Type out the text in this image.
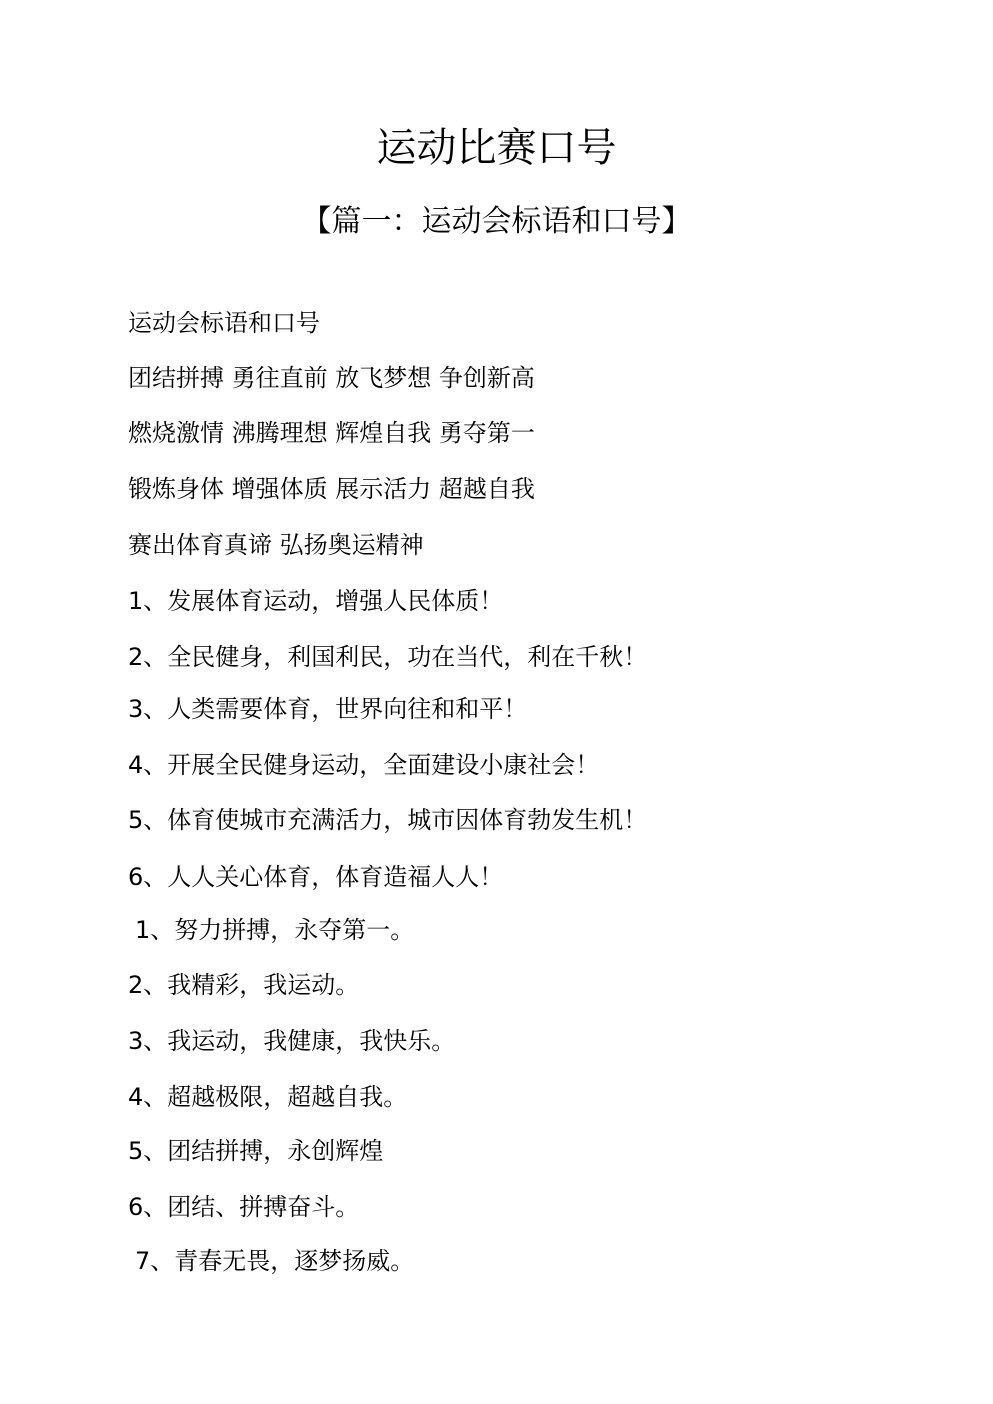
运动比赛口号
【篇一：运动会标语和口号】
运动会标语和口号
团结拼搏 勇往直前 放飞梦想 争创新高
燃烧激情 沸腾理想 辉煌自我 勇夺第一
锻炼身体 增强体质 展示活力 超越自我
赛出体育真谛 弘扬奥运精神
1、发展体育运动，增强人民体质！
2、全民健身，利国利民，功在当代，利在千秋！
3、人类需要体育，世界向往和和平！
4、开展全民健身运动，全面建设小康社会！
5、体育使城市充满活力，城市因体育勃发生机！
6、人人关心体育，体育造福人人！
1、努力拼搏，永夺第一。
2、我精彩，我运动。
3、我运动，我健康，我快乐。
4、超越极限，超越自我。
5、团结拼搏，永创辉煌
6、团结、拼搏奋斗。
7、青春无畏，逐梦扬威。
